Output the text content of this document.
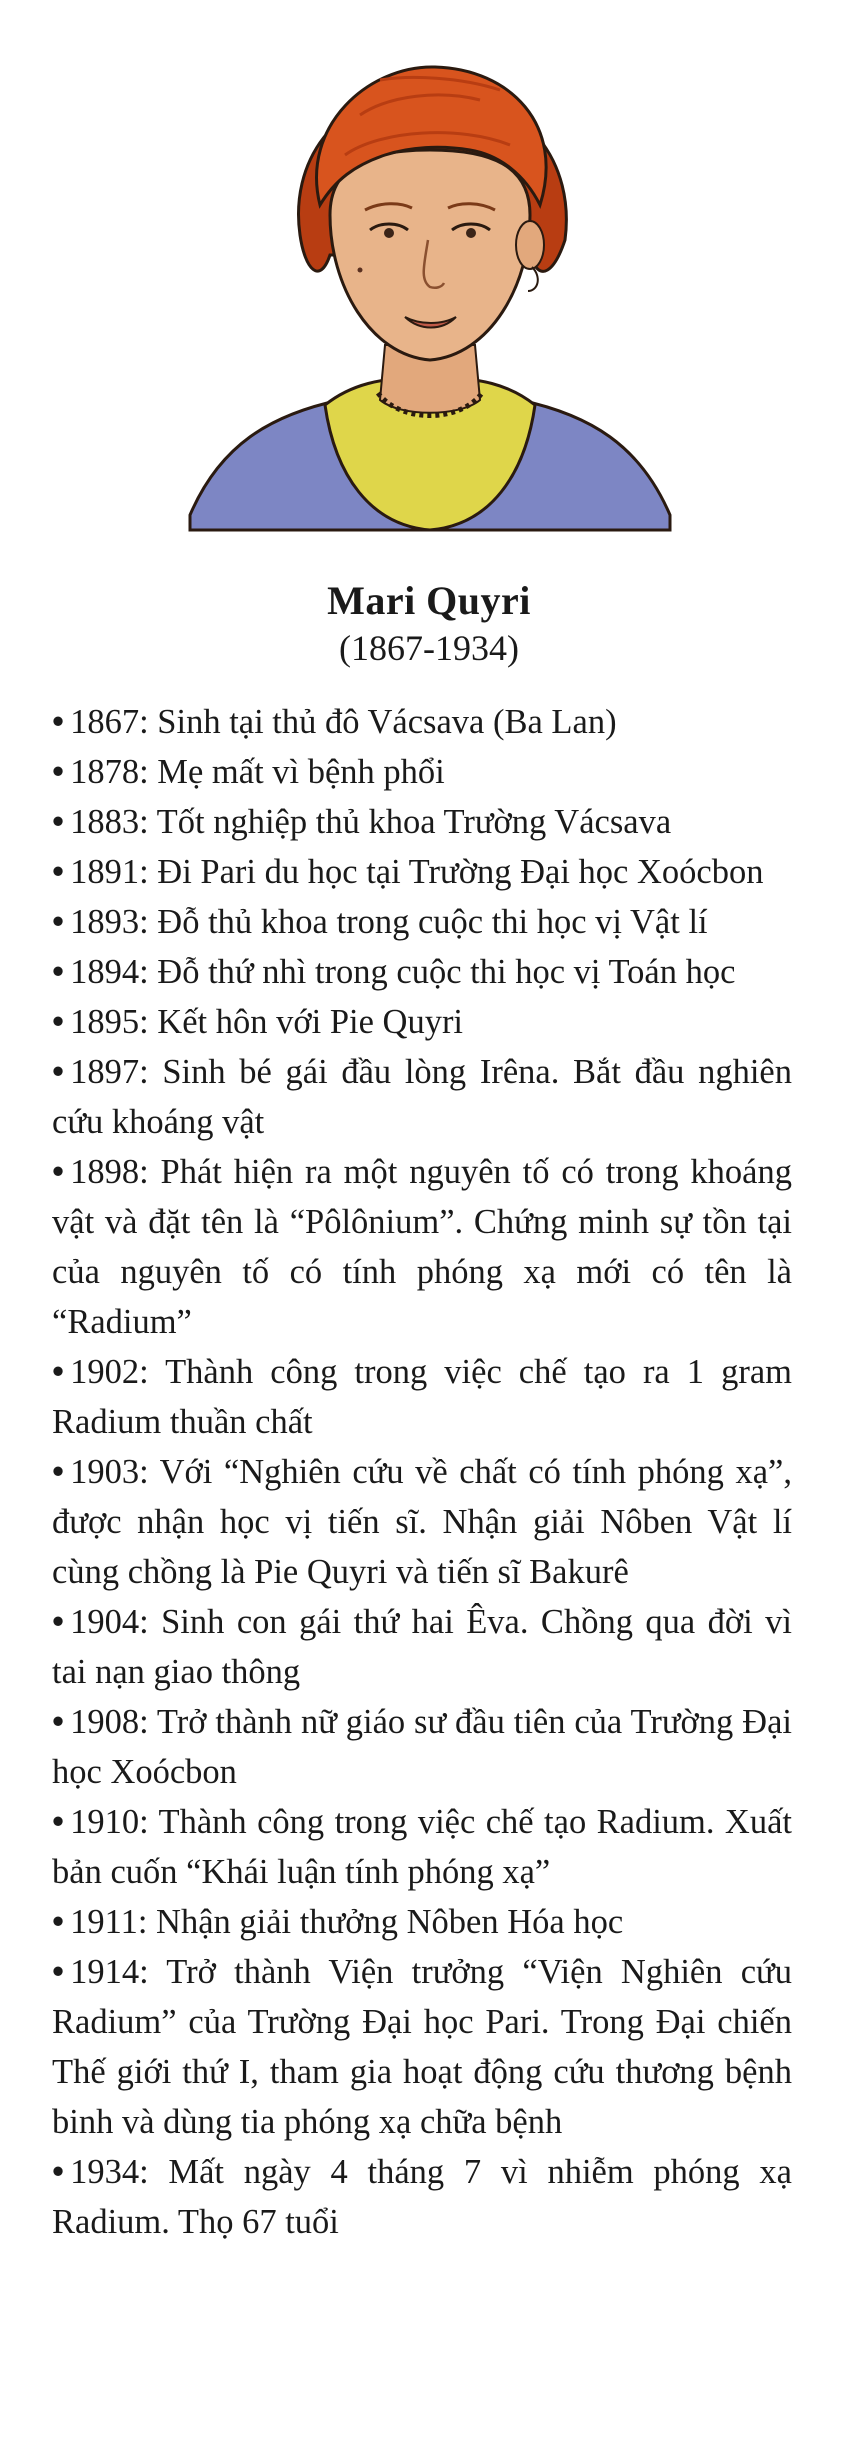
Mari Quyri
(1867-1934)
• 1867: Sinh tại thủ đô Vácsava (Ba Lan)
• 1878: Mẹ mất vì bệnh phổi
• 1883: Tốt nghiệp thủ khoa Trường Vácsava
• 1891: Đi Pari du học tại Trường Đại học Xoócbon
• 1893: Đỗ thủ khoa trong cuộc thi học vị Vật lí
• 1894: Đỗ thứ nhì trong cuộc thi học vị Toán học
• 1895: Kết hôn với Pie Quyri
• 1897: Sinh bé gái đầu lòng Irêna. Bắt đầu nghiên cứu khoáng vật
• 1898: Phát hiện ra một nguyên tố có trong khoáng vật và đặt tên là “Pôlônium”. Chứng minh sự tồn tại của nguyên tố có tính phóng xạ mới có tên là “Radium”
• 1902: Thành công trong việc chế tạo ra 1 gram Radium thuần chất
• 1903: Với “Nghiên cứu về chất có tính phóng xạ”, được nhận học vị tiến sĩ. Nhận giải Nôben Vật lí cùng chồng là Pie Quyri và tiến sĩ Bakurê
• 1904: Sinh con gái thứ hai Êva. Chồng qua đời vì tai nạn giao thông
• 1908: Trở thành nữ giáo sư đầu tiên của Trường Đại học Xoócbon
• 1910: Thành công trong việc chế tạo Radium. Xuất bản cuốn “Khái luận tính phóng xạ”
• 1911: Nhận giải thưởng Nôben Hóa học
• 1914: Trở thành Viện trưởng “Viện Nghiên cứu Radium” của Trường Đại học Pari. Trong Đại chiến Thế giới thứ I, tham gia hoạt động cứu thương bệnh binh và dùng tia phóng xạ chữa bệnh
• 1934: Mất ngày 4 tháng 7 vì nhiễm phóng xạ Radium. Thọ 67 tuổi
